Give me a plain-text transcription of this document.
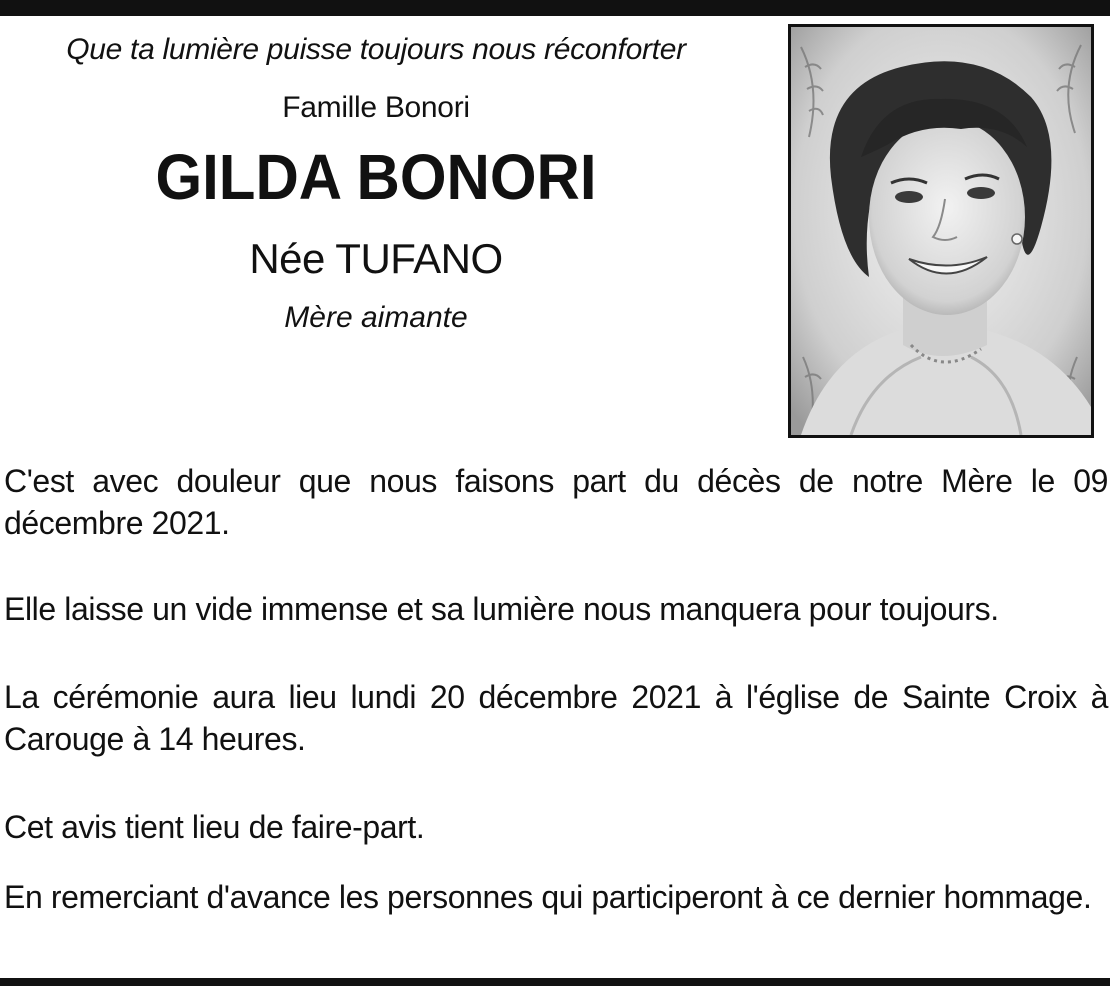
Que ta lumière puisse toujours nous réconforter
Famille Bonori
GILDA BONORI
Née TUFANO
Mère aimante

C'est avec douleur que nous faisons part du décès de notre Mère le 09 décembre 2021.

Elle laisse un vide immense et sa lumière nous manquera pour toujours.

La cérémonie aura lieu lundi 20 décembre 2021 à l'église de Sainte Croix à Carouge à 14 heures.

Cet avis tient lieu de faire-part.

En remerciant d'avance les personnes qui participeront à ce dernier hommage.
